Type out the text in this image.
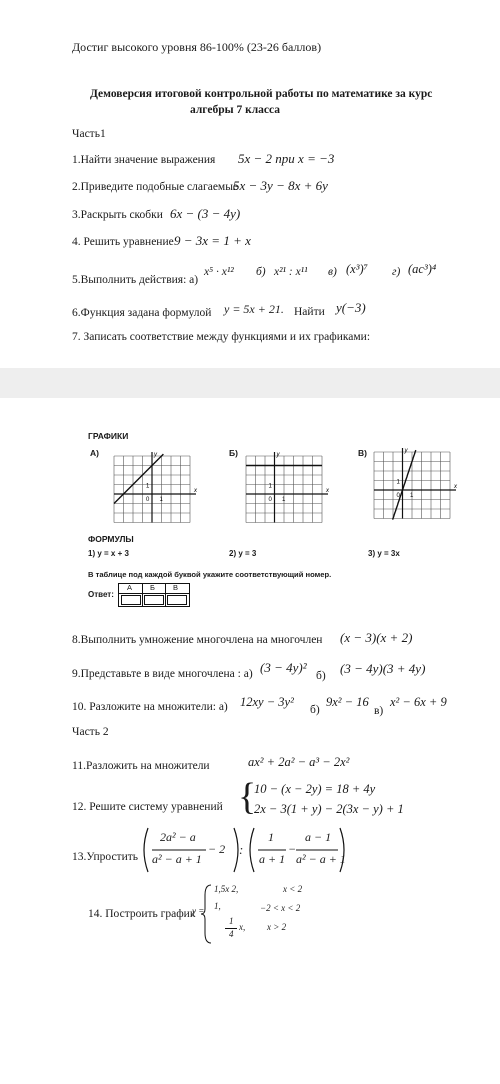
Достиг высокого уровня 86-100% (23-26 баллов)
Демоверсия итоговой контрольной работы по математике за курс
алгебры 7 класса
Часть1
1.Найти значение выражения 5x − 2 при x = −3
2.Приведите подобные слагаемые
5x − 3y − 8x + 6y
3.Раскрыть скобки 6x − (3 − 4y)
4. Решить уравнение 9 − 3x = 1 + x
5.Выполнить действия: а)
x⁵ · x¹² б) x²¹ : x¹¹ в) (x³)⁷ г) (ac³)⁴
6.Функция задана формулой y = 5x + 21. Найти y(−3)
7. Записать соответствие между функциями и их графиками:
ГРАФИКИ
А)	Б)	В)
x
y
0 1
1
x
y
0 1
1	x
y
0 1
1
ФОРМУЛЫ
1) y = x + 3	2) y = 3	3) y = 3x
В таблице под каждой буквой укажите соответствующий номер.
Ответ:
А Б В
8.Выполнить умножение многочлена на многочлен (x − 3)(x + 2)
9.Представьте в виде многочлена : а) (3 − 4y)²
б) (3 − 4y)(3 + 4y)
10. Разложите на множители: а) 12xy − 3y²
б)
9x² − 16
в)
x² − 6x + 9
Часть 2
11.Разложить на множители	ax² + 2a² − a³ − 2x²
12. Решите систему уравнений {
10 − (x − 2y) = 18 + 4y
2x − 3(1 + y) − 2(3x − y) + 1
13.Упростить
2a² − a
a² − a + 1
− 2 :
1
a + 1
−
a − 1
a² − a + 1
14. Построить график
y =
1,5x 2,	x < 2
1,	−2 < x < 2
1
4
x, x > 2
